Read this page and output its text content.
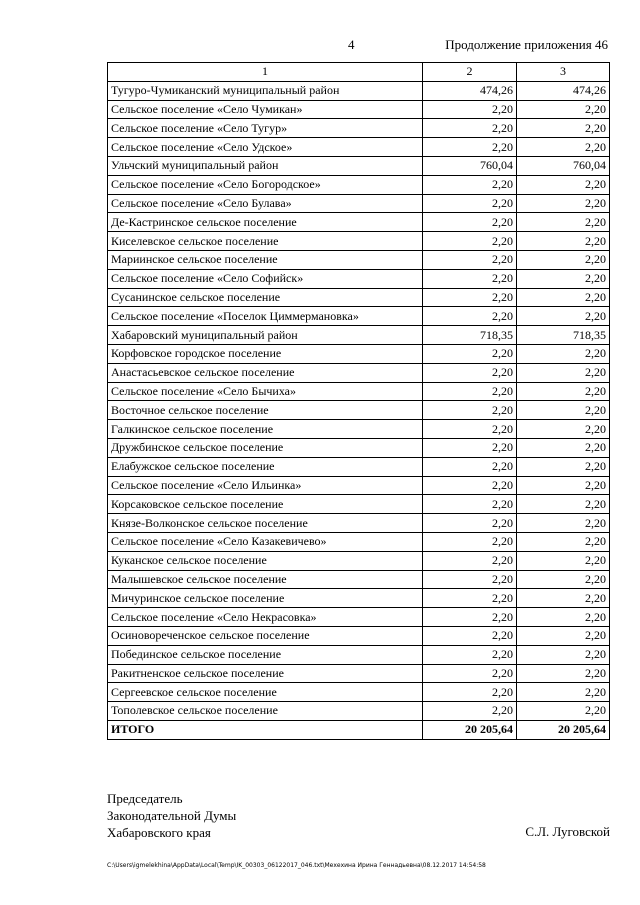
4	Продолжение приложения 46
1	2	3
Тугуро-Чумиканский муниципальный район	474,26	474,26
Сельское поселение «Село Чумикан»	2,20	2,20
Сельское поселение «Село Тугур»	2,20	2,20
Сельское поселение «Село Удское»	2,20	2,20
Ульчский муниципальный район	760,04	760,04
Сельское поселение «Село Богородское»	2,20	2,20
Сельское поселение «Село Булава»	2,20	2,20
Де-Кастринское сельское поселение	2,20	2,20
Киселевское сельское поселение	2,20	2,20
Мариинское сельское поселение	2,20	2,20
Сельское поселение «Село Софийск»	2,20	2,20
Сусанинское сельское поселение	2,20	2,20
Сельское поселение «Поселок Циммермановка»	2,20	2,20
Хабаровский муниципальный район	718,35	718,35
Корфовское городское поселение	2,20	2,20
Анастасьевское сельское поселение	2,20	2,20
Сельское поселение «Село Бычиха»	2,20	2,20
Восточное сельское поселение	2,20	2,20
Галкинское сельское поселение	2,20	2,20
Дружбинское сельское поселение	2,20	2,20
Елабужское сельское поселение	2,20	2,20
Сельское поселение «Село Ильинка»	2,20	2,20
Корсаковское сельское поселение	2,20	2,20
Князе-Волконское сельское поселение	2,20	2,20
Сельское поселение «Село Казакевичево»	2,20	2,20
Куканское сельское поселение	2,20	2,20
Малышевское сельское поселение	2,20	2,20
Мичуринское сельское поселение	2,20	2,20
Сельское поселение «Село Некрасовка»	2,20	2,20
Осиновореченское сельское поселение	2,20	2,20
Побединское сельское поселение	2,20	2,20
Ракитненское сельское поселение	2,20	2,20
Сергеевское сельское поселение	2,20	2,20
Тополевское сельское поселение	2,20	2,20
ИТОГО	20 205,64	20 205,64
Председатель
Законодательной Думы
Хабаровского края	С.Л. Луговской
C:\Users\igmelekhina\AppData\Local\Temp\IK_00303_06122017_046.txt\Мехехина Ирина Геннадьевна\08.12.2017 14:54:58
